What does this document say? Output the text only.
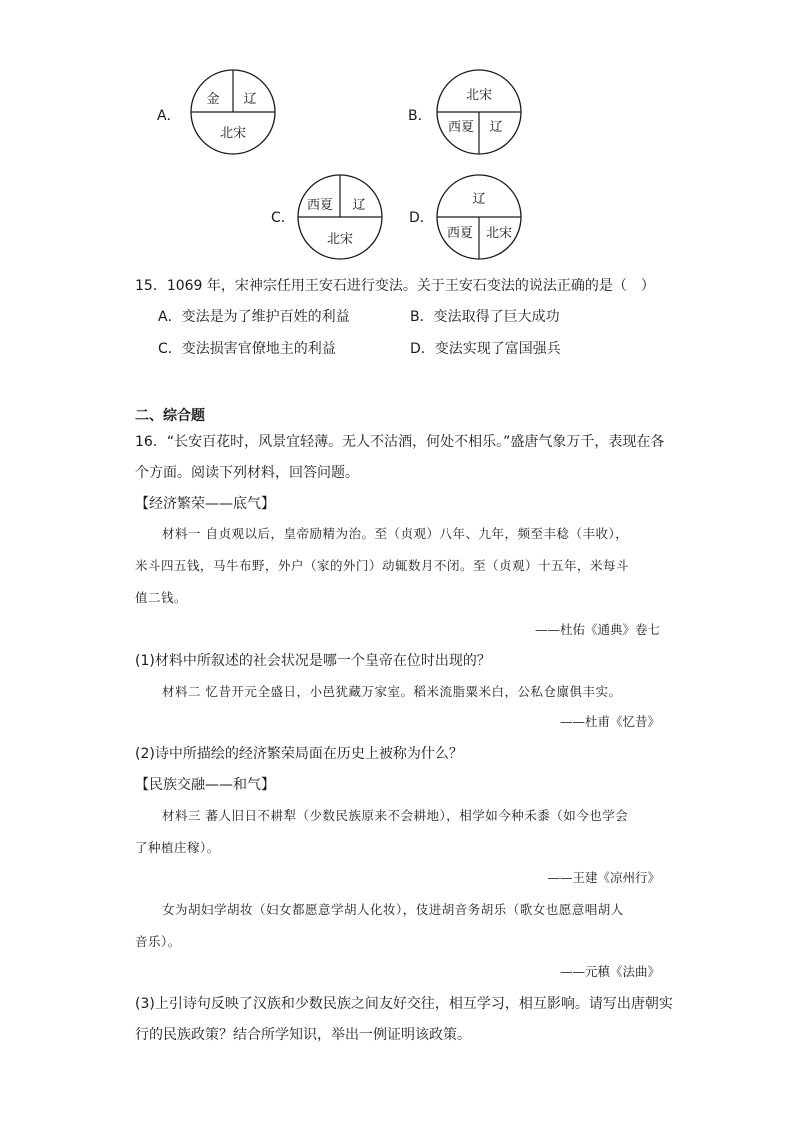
A．
金 辽
北宋
B．
北宋
西夏 辽
C．
西夏 辽
北宋
D．
辽
西夏 北宋
15．1069 年，宋神宗任用王安石进行变法。关于王安石变法的说法正确的是（　）
A．变法是为了维护百姓的利益	B．变法取得了巨大成功
C．变法损害官僚地主的利益	D．变法实现了富国强兵
二、综合题
16．“长安百花时，风景宜轻薄。无人不沽酒，何处不相乐。”盛唐气象万千，表现在各
个方面。阅读下列材料，回答问题。
【经济繁荣——底气】
材料一 自贞观以后，皇帝励精为治。至（贞观）八年、九年，频至丰稔（丰收），
米斗四五钱，马牛布野，外户（家的外门）动辄数月不闭。至（贞观）十五年，米每斗
值二钱。
——杜佑《通典》卷七
(1)材料中所叙述的社会状况是哪一个皇帝在位时出现的？
材料二 忆昔开元全盛日，小邑犹藏万家室。稻米流脂粟米白，公私仓廪俱丰实。
——杜甫《忆昔》
(2)诗中所描绘的经济繁荣局面在历史上被称为什么？
【民族交融——和气】
材料三 蕃人旧日不耕犁（少数民族原来不会耕地），相学如今种禾黍（如今也学会
了种植庄稼）。
——王建《凉州行》
女为胡妇学胡妆（妇女都愿意学胡人化妆），伎进胡音务胡乐（歌女也愿意唱胡人
音乐）。
——元稹《法曲》
(3)上引诗句反映了汉族和少数民族之间友好交往，相互学习，相互影响。请写出唐朝实
行的民族政策？结合所学知识，举出一例证明该政策。
